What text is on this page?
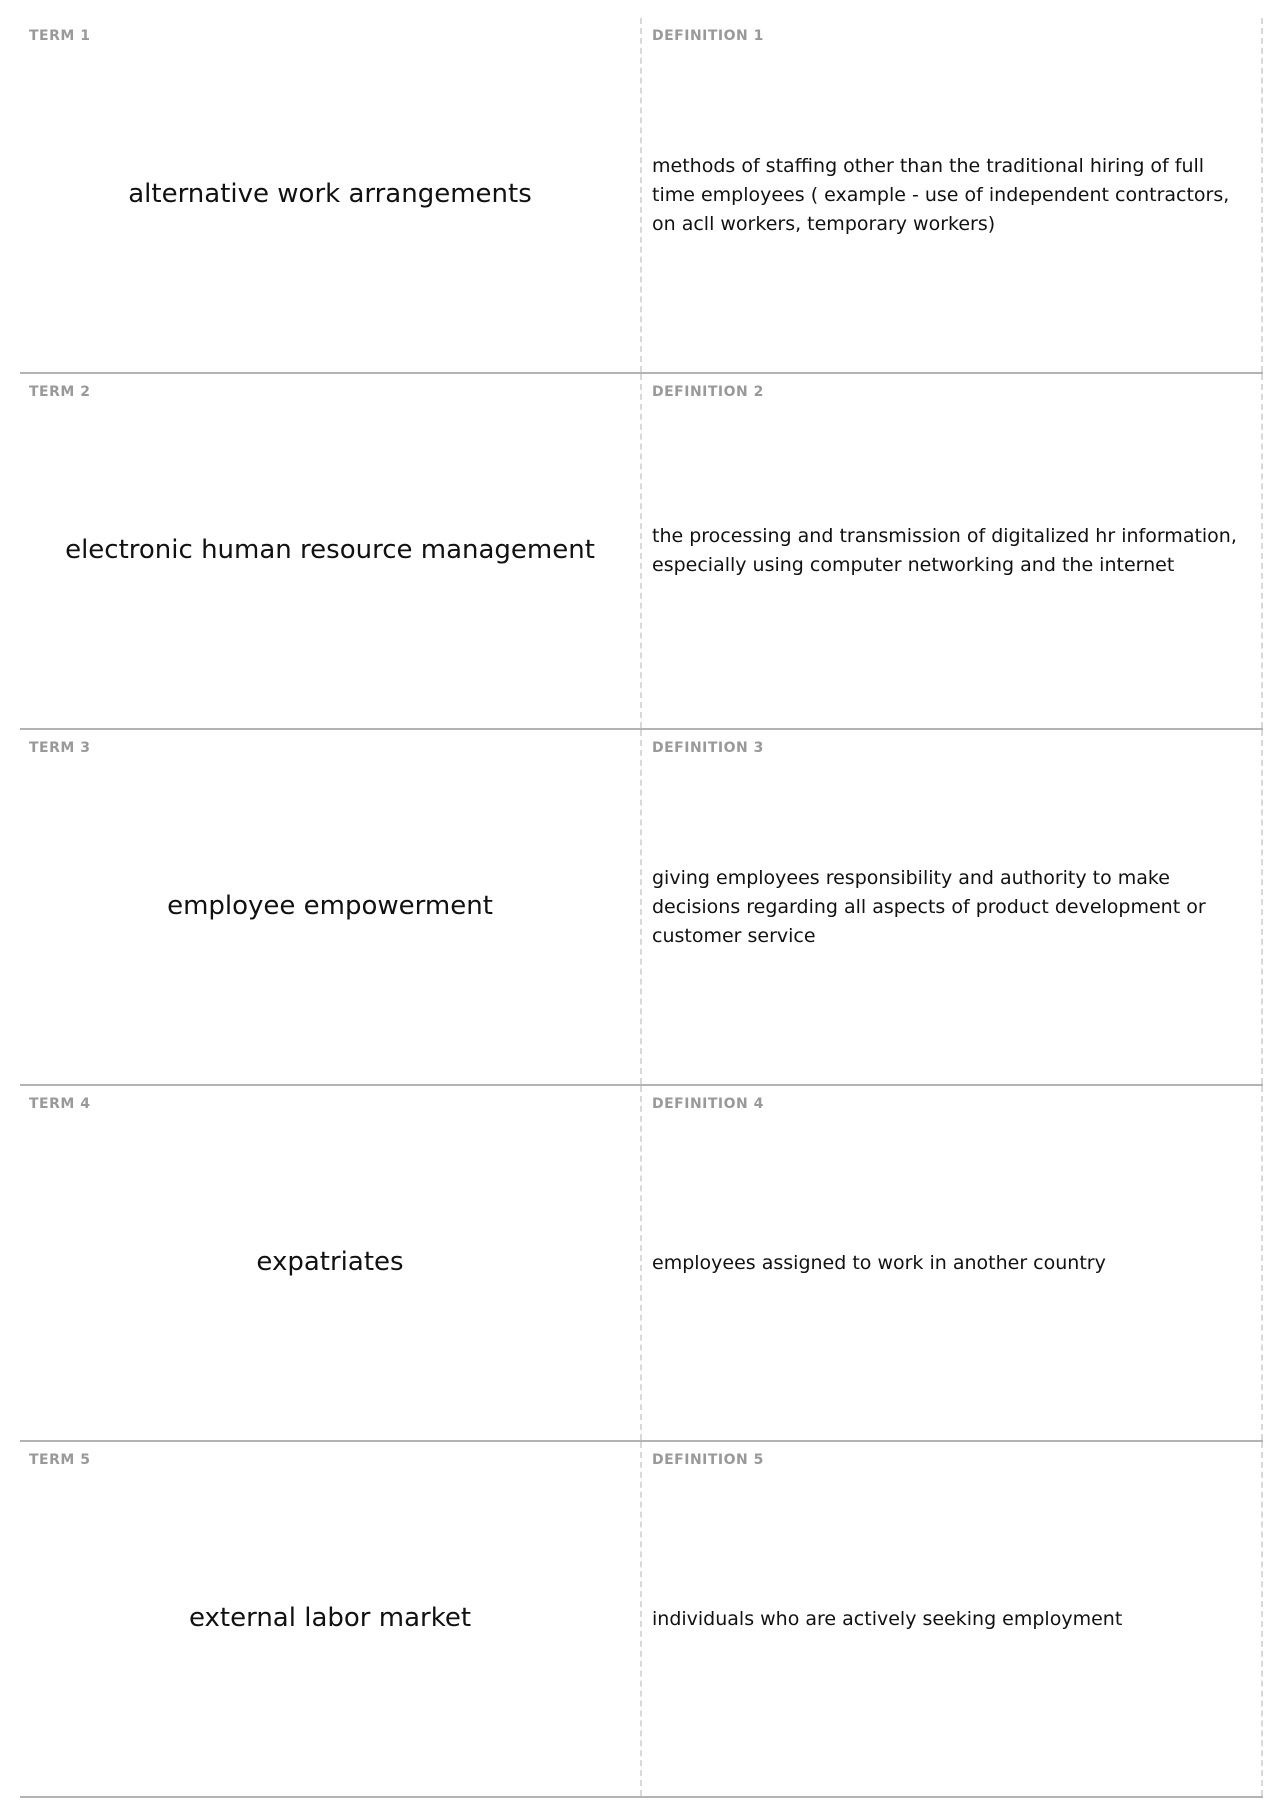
TERM 1
alternative work arrangements
DEFINITION 1
methods of staffing other than the traditional hiring of full time employees ( example - use of independent contractors, on acll workers, temporary workers)
TERM 2
electronic human resource management
DEFINITION 2
the processing and transmission of digitalized hr information, especially using computer networking and the internet
TERM 3
employee empowerment
DEFINITION 3
giving employees responsibility and authority to make decisions regarding all aspects of product development or customer service
TERM 4
expatriates
DEFINITION 4
employees assigned to work in another country
TERM 5
external labor market
DEFINITION 5
individuals who are actively seeking employment
